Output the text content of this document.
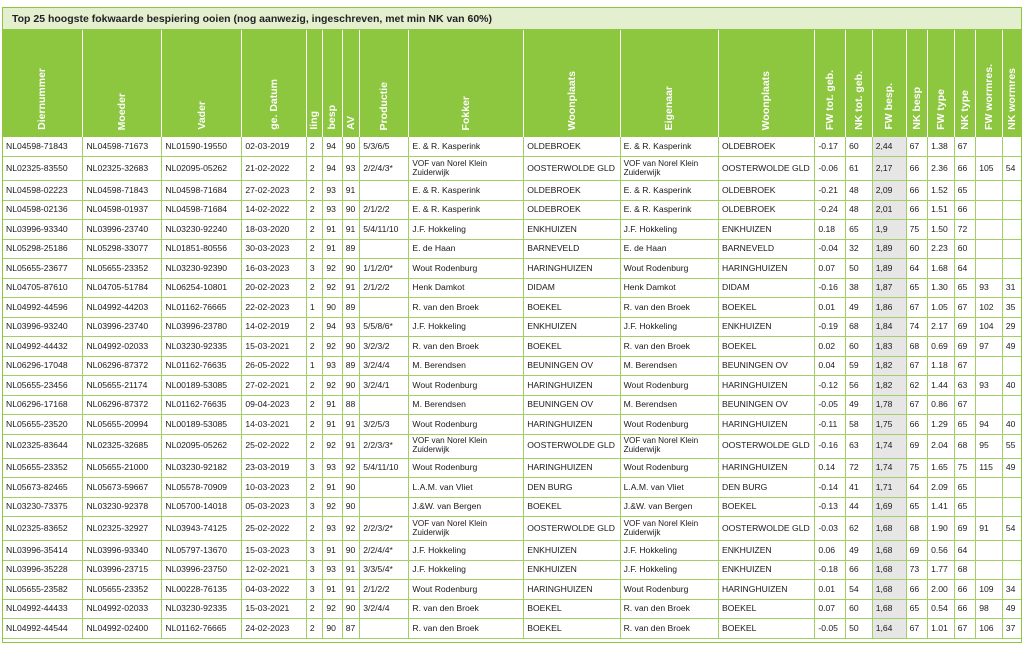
Top 25 hoogste fokwaarde bespiering ooien (nog aanwezig, ingeschreven, met min NK van 60%)
Diernummer	Moeder	Vader	ge. Datum	Iing	besp	AV	Productie	Fokker	Woonplaats	Eigenaar	Woonplaats	FW tot. geb.	NK tot. geb.	FW besp.	NK besp	FW type	NK type	FW wormres.	NK wormres
NL04598-71843	NL04598-71673	NL01590-19550	02-03-2019	2	94	90	5/3/6/5	E. & R. Kasperink	OLDEBROEK	E. & R. Kasperink	OLDEBROEK	-0.17	60	2,44	67	1.38	67		
NL02325-83550	NL02325-32683	NL02095-05262	21-02-2022	2	94	93	2/2/4/3*	VOF van Norel Klein Zuiderwijk	OOSTERWOLDE GLD	VOF van Norel Klein Zuiderwijk	OOSTERWOLDE GLD	-0.06	61	2,17	66	2.36	66	105	54
NL04598-02223	NL04598-71843	NL04598-71684	27-02-2023	2	93	91		E. & R. Kasperink	OLDEBROEK	E. & R. Kasperink	OLDEBROEK	-0.21	48	2,09	66	1.52	65		
NL04598-02136	NL04598-01937	NL04598-71684	14-02-2022	2	93	90	2/1/2/2	E. & R. Kasperink	OLDEBROEK	E. & R. Kasperink	OLDEBROEK	-0.24	48	2,01	66	1.51	66		
NL03996-93340	NL03996-23740	NL03230-92240	18-03-2020	2	91	91	5/4/11/10	J.F. Hokkeling	ENKHUIZEN	J.F. Hokkeling	ENKHUIZEN	0.18	65	1,9	75	1.50	72		
NL05298-25186	NL05298-33077	NL01851-80556	30-03-2023	2	91	89		E. de Haan	BARNEVELD	E. de Haan	BARNEVELD	-0.04	32	1,89	60	2.23	60		
NL05655-23677	NL05655-23352	NL03230-92390	16-03-2023	3	92	90	1/1/2/0*	Wout Rodenburg	HARINGHUIZEN	Wout Rodenburg	HARINGHUIZEN	0.07	50	1,89	64	1.68	64		
NL04705-87610	NL04705-51784	NL06254-10801	20-02-2023	2	92	91	2/1/2/2	Henk Damkot	DIDAM	Henk Damkot	DIDAM	-0.16	38	1,87	65	1.30	65	93	31
NL04992-44596	NL04992-44203	NL01162-76665	22-02-2023	1	90	89		R. van den Broek	BOEKEL	R. van den Broek	BOEKEL	0.01	49	1,86	67	1.05	67	102	35
NL03996-93240	NL03996-23740	NL03996-23780	14-02-2019	2	94	93	5/5/8/6*	J.F. Hokkeling	ENKHUIZEN	J.F. Hokkeling	ENKHUIZEN	-0.19	68	1,84	74	2.17	69	104	29
NL04992-44432	NL04992-02033	NL03230-92335	15-03-2021	2	92	90	3/2/3/2	R. van den Broek	BOEKEL	R. van den Broek	BOEKEL	0.02	60	1,83	68	0.69	69	97	49
NL06296-17048	NL06296-87372	NL01162-76635	26-05-2022	1	93	89	3/2/4/4	M. Berendsen	BEUNINGEN OV	M. Berendsen	BEUNINGEN OV	0.04	59	1,82	67	1.18	67		
NL05655-23456	NL05655-21174	NL00189-53085	27-02-2021	2	92	90	3/2/4/1	Wout Rodenburg	HARINGHUIZEN	Wout Rodenburg	HARINGHUIZEN	-0.12	56	1,82	62	1.44	63	93	40
NL06296-17168	NL06296-87372	NL01162-76635	09-04-2023	2	91	88		M. Berendsen	BEUNINGEN OV	M. Berendsen	BEUNINGEN OV	-0.05	49	1,78	67	0.86	67		
NL05655-23520	NL05655-20994	NL00189-53085	14-03-2021	2	91	91	3/2/5/3	Wout Rodenburg	HARINGHUIZEN	Wout Rodenburg	HARINGHUIZEN	-0.11	58	1,75	66	1.29	65	94	40
NL02325-83644	NL02325-32685	NL02095-05262	25-02-2022	2	92	91	2/2/3/3*	VOF van Norel Klein Zuiderwijk	OOSTERWOLDE GLD	VOF van Norel Klein Zuiderwijk	OOSTERWOLDE GLD	-0.16	63	1,74	69	2.04	68	95	55
NL05655-23352	NL05655-21000	NL03230-92182	23-03-2019	3	93	92	5/4/11/10	Wout Rodenburg	HARINGHUIZEN	Wout Rodenburg	HARINGHUIZEN	0.14	72	1,74	75	1.65	75	115	49
NL05673-82465	NL05673-59667	NL05578-70909	10-03-2023	2	91	90		L.A.M. van Vliet	DEN BURG	L.A.M. van Vliet	DEN BURG	-0.14	41	1,71	64	2.09	65		
NL03230-73375	NL03230-92378	NL05700-14018	05-03-2023	3	92	90		J.&W. van Bergen	BOEKEL	J.&W. van Bergen	BOEKEL	-0.13	44	1,69	65	1.41	65		
NL02325-83652	NL02325-32927	NL03943-74125	25-02-2022	2	93	92	2/2/3/2*	VOF van Norel Klein Zuiderwijk	OOSTERWOLDE GLD	VOF van Norel Klein Zuiderwijk	OOSTERWOLDE GLD	-0.03	62	1,68	68	1.90	69	91	54
NL03996-35414	NL03996-93340	NL05797-13670	15-03-2023	3	91	90	2/2/4/4*	J.F. Hokkeling	ENKHUIZEN	J.F. Hokkeling	ENKHUIZEN	0.06	49	1,68	69	0.56	64		
NL03996-35228	NL03996-23715	NL03996-23750	12-02-2021	3	93	91	3/3/5/4*	J.F. Hokkeling	ENKHUIZEN	J.F. Hokkeling	ENKHUIZEN	-0.18	66	1,68	73	1.77	68		
NL05655-23582	NL05655-23352	NL00228-76135	04-03-2022	3	91	91	2/1/2/2	Wout Rodenburg	HARINGHUIZEN	Wout Rodenburg	HARINGHUIZEN	0.01	54	1,68	66	2.00	66	109	34
NL04992-44433	NL04992-02033	NL03230-92335	15-03-2021	2	92	90	3/2/4/4	R. van den Broek	BOEKEL	R. van den Broek	BOEKEL	0.07	60	1,68	65	0.54	66	98	49
NL04992-44544	NL04992-02400	NL01162-76665	24-02-2023	2	90	87		R. van den Broek	BOEKEL	R. van den Broek	BOEKEL	-0.05	50	1,64	67	1.01	67	106	37
